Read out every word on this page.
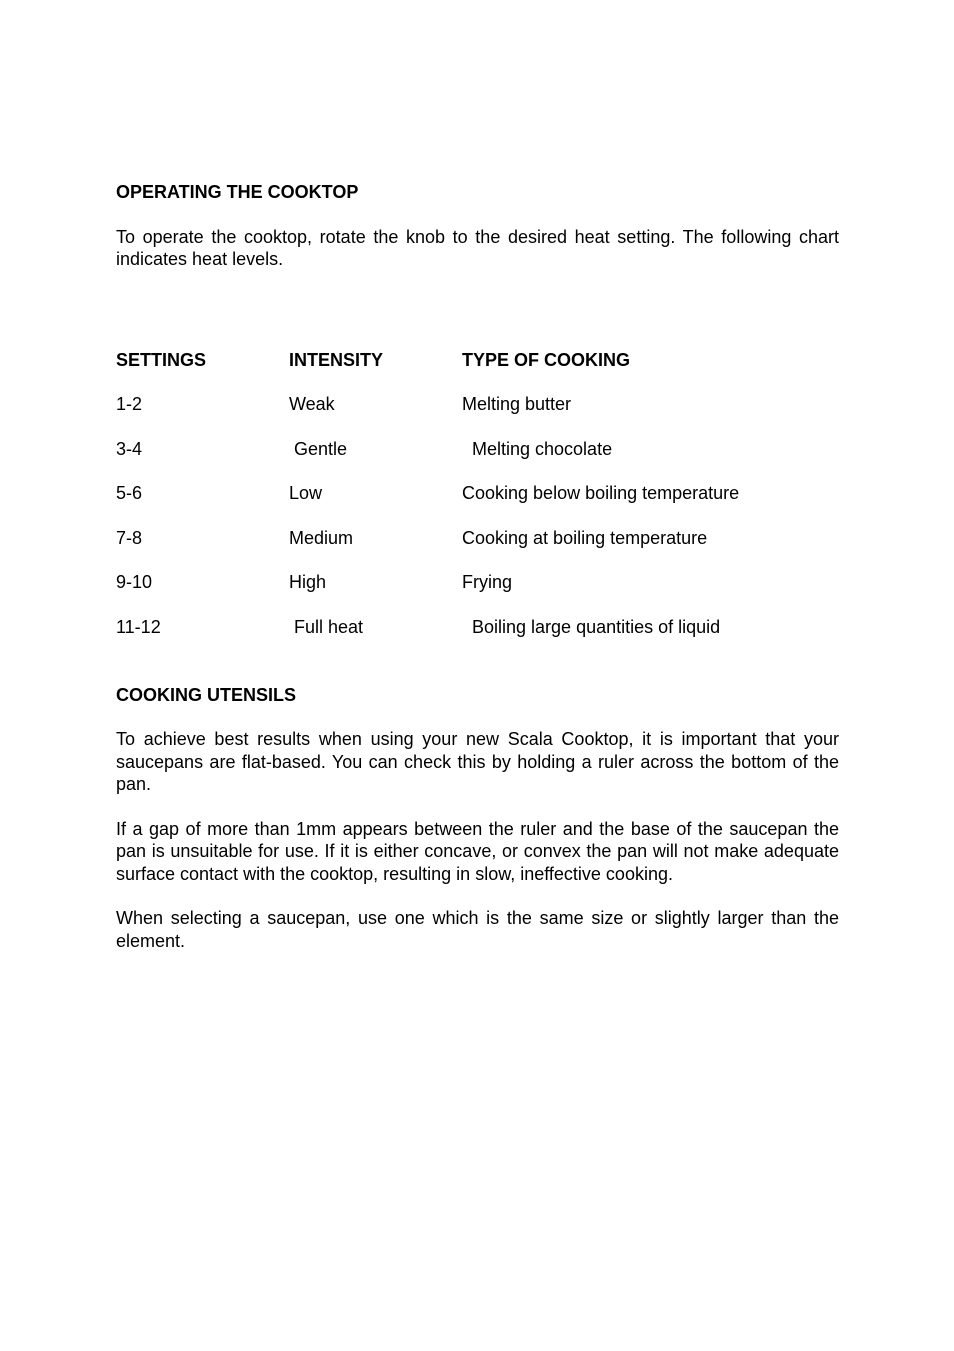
OPERATING THE COOKTOP

To operate the cooktop, rotate the knob to the desired heat setting. The following chart indicates heat levels.

SETTINGS	INTENSITY	TYPE OF COOKING
1-2	Weak	Melting butter
3-4	Gentle	Melting chocolate
5-6	Low	Cooking below boiling temperature
7-8	Medium	Cooking at boiling temperature
9-10	High	Frying
11-12	Full heat	Boiling large quantities of liquid
COOKING UTENSILS

To achieve best results when using your new Scala Cooktop, it is important that your saucepans are flat-based. You can check this by holding a ruler across the bottom of the pan.

If a gap of more than 1mm appears between the ruler and the base of the saucepan the pan is unsuitable for use. If it is either concave, or convex the pan will not make adequate surface contact with the cooktop, resulting in slow, ineffective cooking.

When selecting a saucepan, use one which is the same size or slightly larger than the element.
